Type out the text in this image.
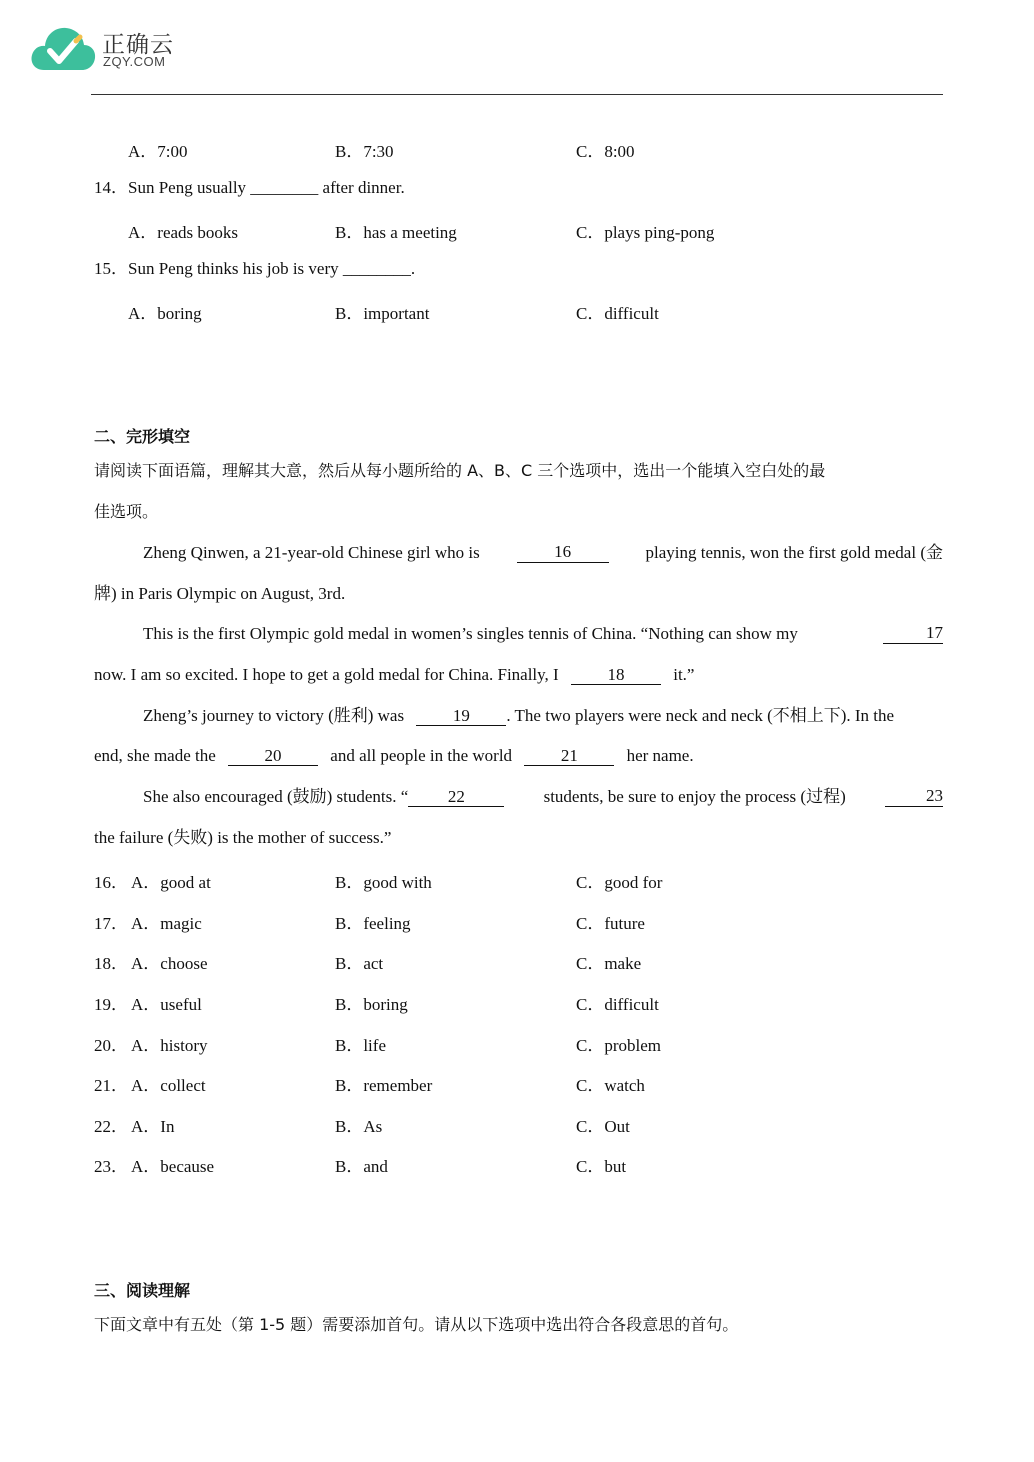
正确云
ZQY.COM
A．7:00	B．7:30	C．8:00
14．Sun Peng usually ________ after dinner.
A．reads books	B．has a meeting	C．plays ping-pong
15．Sun Peng thinks his job is very ________.
A．boring	B．important	C．difficult
二、完形填空
请阅读下面语篇，理解其大意，然后从每小题所给的 A、B、C 三个选项中，选出一个能填入空白处的最
佳选项。
Zheng Qinwen, a 21-year-old Chinese girl who is	16	playing tennis, won the first gold medal (金
牌) in Paris Olympic on August, 3rd.
This is the first Olympic gold medal in women’s singles tennis of China. “Nothing can show my	17
now. I am so excited. I hope to get a gold medal for China. Finally, I	18	it.”
Zheng’s journey to victory (胜利) was	19 . The two players were neck and neck (不相上下). In the
end, she made the	20	and all people in the world	21	her name.
She also encouraged (鼓励) students. “ 22	students, be sure to enjoy the process (过程)	23
the failure (失败) is the mother of success.”
16． A．good at	B．good with	C．good for
17． A．magic	B．feeling	C．future
18． A．choose	B．act	C．make
19． A．useful	B．boring	C．difficult
20． A．history	B．life	C．problem
21． A．collect	B．remember	C．watch
22． A．In	B．As	C．Out
23． A．because	B．and	C．but
三、阅读理解
下面文章中有五处（第 1-5 题）需要添加首句。请从以下选项中选出符合各段意思的首句。
